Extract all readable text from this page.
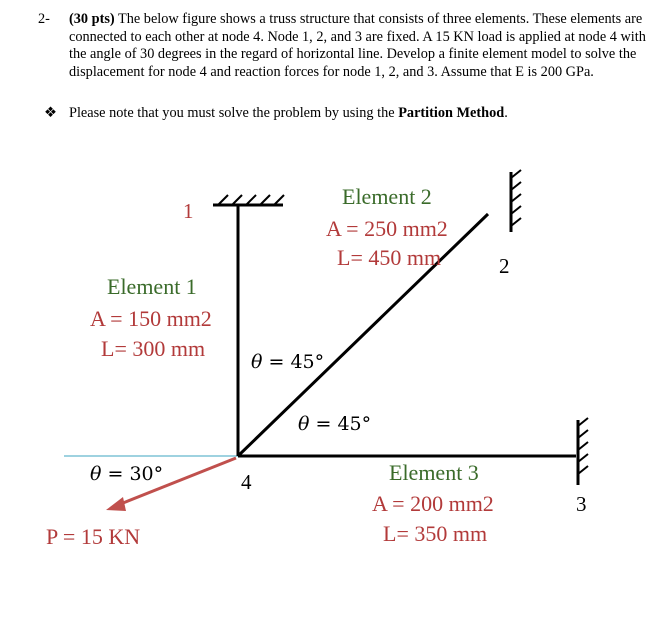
2- (30 pts) The below figure shows a truss structure that consists of three elements. These elements are connected to each other at node 4. Node 1, 2, and 3 are fixed. A 15 KN load is applied at node 4 with the angle of 30 degrees in the regard of horizontal line. Develop a finite element model to solve the displacement for node 4 and reaction forces for node 1, 2, and 3. Assume that E is 200 GPa.
❖ Please note that you must solve the problem by using the Partition Method.
1
2
3
4
Element 2
A = 250 mm2
L= 450 mm
Element 1
A = 150 mm2
L= 300 mm
Element 3
A = 200 mm2
L= 350 mm
θ = 45°
θ = 45°
θ = 30°
P = 15 KN
